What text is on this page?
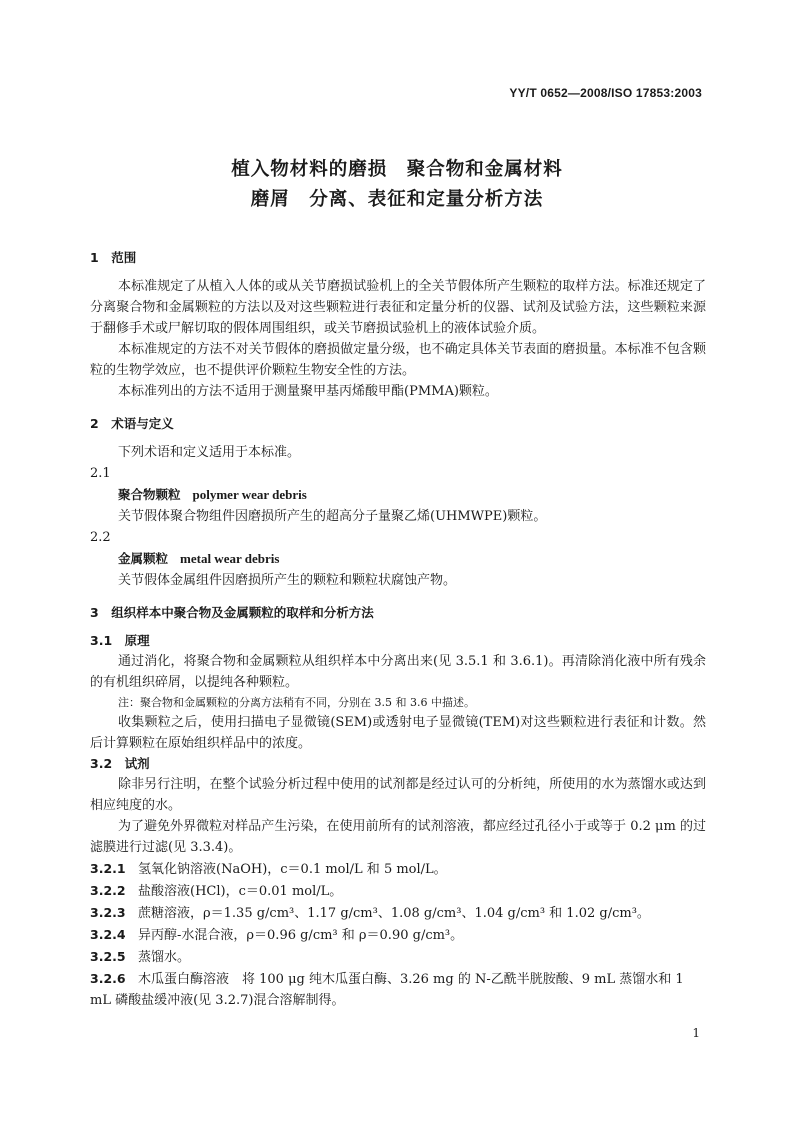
YY/T 0652—2008/ISO 17853:2003
植入物材料的磨损　聚合物和金属材料
磨屑　分离、表征和定量分析方法

1　范围

本标准规定了从植入人体的或从关节磨损试验机上的全关节假体所产生颗粒的取样方法。标准还规定了分离聚合物和金属颗粒的方法以及对这些颗粒进行表征和定量分析的仪器、试剂及试验方法，这些颗粒来源于翻修手术或尸解切取的假体周围组织，或关节磨损试验机上的液体试验介质。

本标准规定的方法不对关节假体的磨损做定量分级，也不确定具体关节表面的磨损量。本标准不包含颗粒的生物学效应，也不提供评价颗粒生物安全性的方法。

本标准列出的方法不适用于测量聚甲基丙烯酸甲酯(PMMA)颗粒。

2　术语与定义

下列术语和定义适用于本标准。

2.1

聚合物颗粒 polymer wear debris

关节假体聚合物组件因磨损所产生的超高分子量聚乙烯(UHMWPE)颗粒。

2.2

金属颗粒 metal wear debris

关节假体金属组件因磨损所产生的颗粒和颗粒状腐蚀产物。

3　组织样本中聚合物及金属颗粒的取样和分析方法

3.1　原理

通过消化，将聚合物和金属颗粒从组织样本中分离出来(见 3.5.1 和 3.6.1)。再清除消化液中所有残余的有机组织碎屑，以提纯各种颗粒。

注：聚合物和金属颗粒的分离方法稍有不同，分别在 3.5 和 3.6 中描述。

收集颗粒之后，使用扫描电子显微镜(SEM)或透射电子显微镜(TEM)对这些颗粒进行表征和计数。然后计算颗粒在原始组织样品中的浓度。

3.2　试剂

除非另行注明，在整个试验分析过程中使用的试剂都是经过认可的分析纯，所使用的水为蒸馏水或达到相应纯度的水。

为了避免外界微粒对样品产生污染，在使用前所有的试剂溶液，都应经过孔径小于或等于 0.2 μm 的过滤膜进行过滤(见 3.3.4)。

3.2.1 氢氧化钠溶液(NaOH)，c＝0.1 mol/L 和 5 mol/L。

3.2.2 盐酸溶液(HCl)，c＝0.01 mol/L。

3.2.3 蔗糖溶液，ρ＝1.35 g/cm³、1.17 g/cm³、1.08 g/cm³、1.04 g/cm³ 和 1.02 g/cm³。

3.2.4 异丙醇-水混合液，ρ＝0.96 g/cm³ 和 ρ＝0.90 g/cm³。

3.2.5 蒸馏水。

3.2.6 木瓜蛋白酶溶液　将 100 μg 纯木瓜蛋白酶、3.26 mg 的 N-乙酰半胱胺酸、9 mL 蒸馏水和 1 mL 磷酸盐缓冲液(见 3.2.7)混合溶解制得。

1
